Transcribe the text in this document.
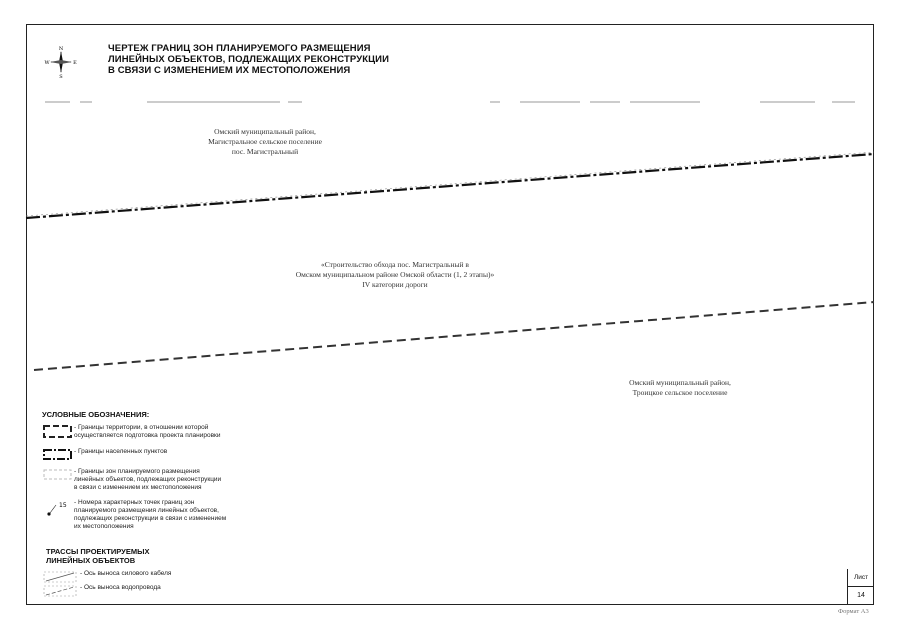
N
S
E
W
ЧЕРТЕЖ ГРАНИЦ ЗОН ПЛАНИРУЕМОГО РАЗМЕЩЕНИЯ
ЛИНЕЙНЫХ ОБЪЕКТОВ, ПОДЛЕЖАЩИХ РЕКОНСТРУКЦИИ
В СВЯЗИ С ИЗМЕНЕНИЕМ ИХ МЕСТОПОЛОЖЕНИЯ
Омский муниципальный район,
Магистральное сельское поселение
пос. Магистральный
«Строительство обхода пос. Магистральный в
Омском муниципальном районе Омской области (1, 2 этапы)»
IV категории дороги
Омский муниципальный район,
Троицкое сельское поселение
УСЛОВНЫЕ ОБОЗНАЧЕНИЯ:
- Границы территории, в отношении которой
осуществляется подготовка проекта планировки
- Границы населенных пунктов
- Границы зон планируемого размещения
линейных объектов, подлежащих реконструкции
в связи с изменением их местоположения
15 - Номера характерных точек границ зон
планируемого размещения линейных объектов,
подлежащих реконструкции в связи с изменением
их местоположения
ТРАССЫ ПРОЕКТИРУЕМЫХ
ЛИНЕЙНЫХ ОБЪЕКТОВ
- Ось выноса силового кабеля
- Ось выноса водопровода
Лист
14
Формат А3
